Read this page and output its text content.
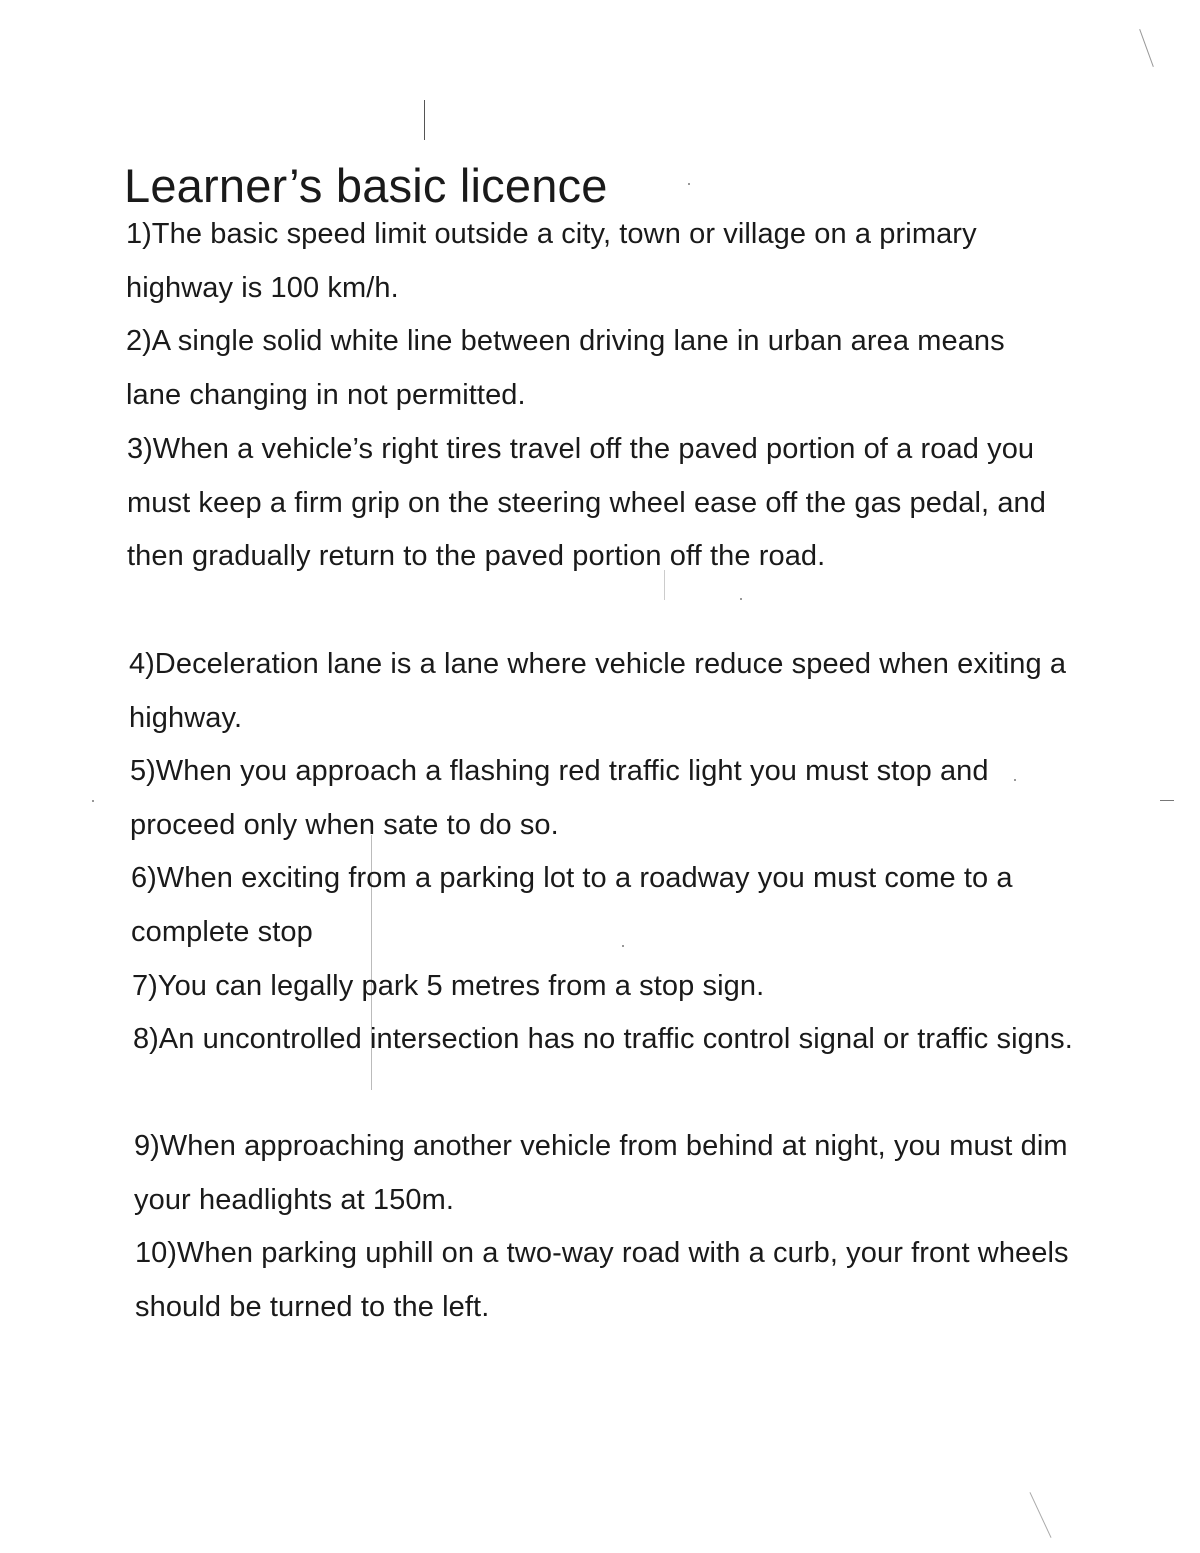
Learner’s basic licence

1)The basic speed limit outside a city, town or village on a primary highway is 100 km/h.

2)A single solid white line between driving lane in urban area means lane changing in not permitted.

3)When a vehicle’s right tires travel off the paved portion of a road you must keep a firm grip on the steering wheel ease off the gas pedal, and then gradually return to the paved portion off the road.

4)Deceleration lane is a lane where vehicle reduce speed when exiting a highway.

5)When you approach a flashing red traffic light you must stop and proceed only when sate to do so.

6)When exciting from a parking lot to a roadway you must come to a complete stop

7)You can legally park 5 metres from a stop sign.

8)An uncontrolled intersection has no traffic control signal or traffic signs.

9)When approaching another vehicle from behind at night, you must dim your headlights at 150m.

10)When parking uphill on a two-way road with a curb, your front wheels should be turned to the left.
